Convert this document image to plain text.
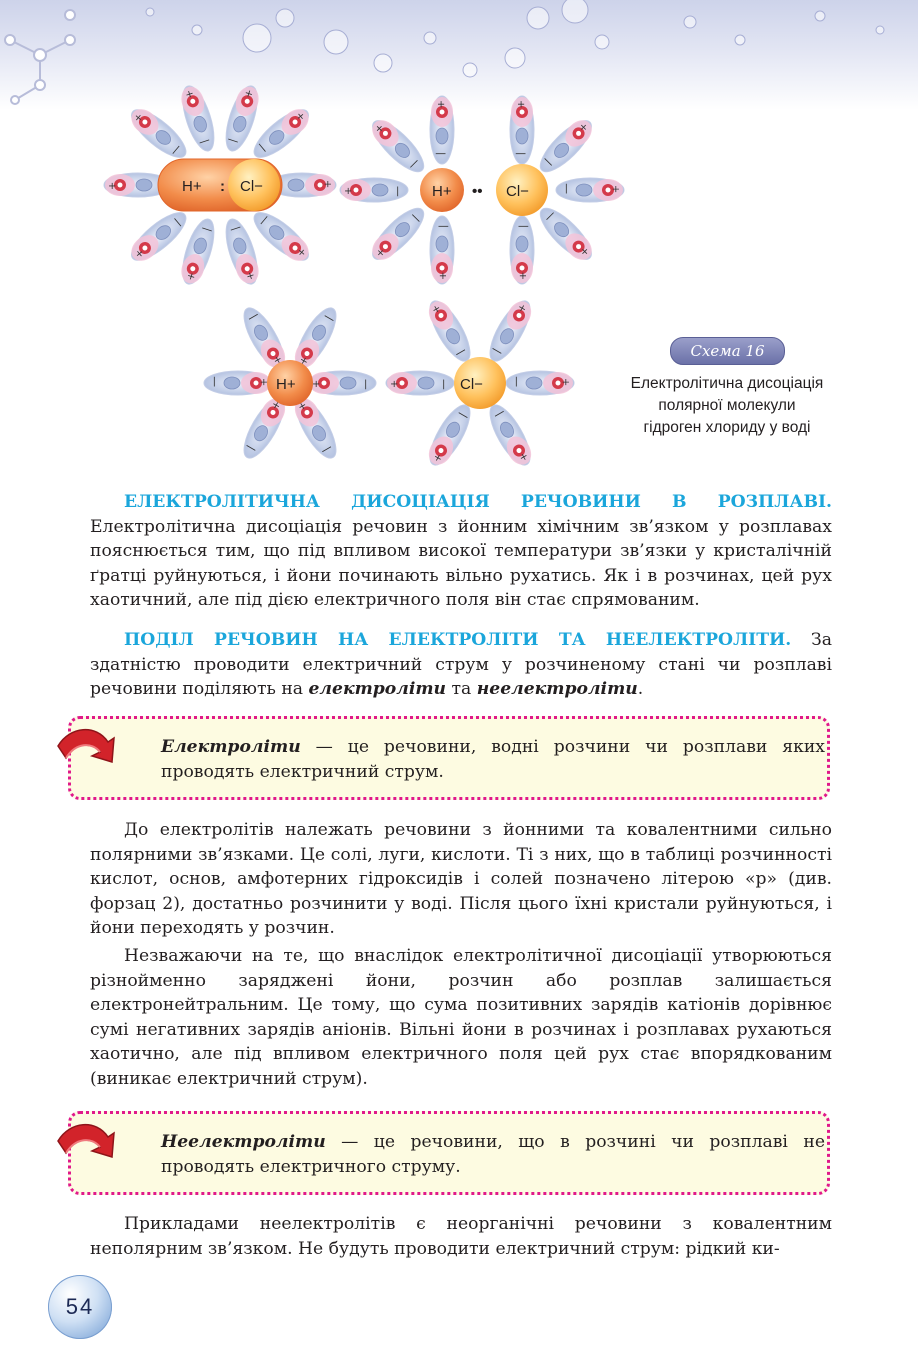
+	|
H+ : Cl−	H+ •• Cl−
H+	Cl−
Схема 16
Електролітична дисоціація полярної молекули гідроген хлориду у воді

ЕЛЕКТРОЛІТИЧНА ДИСОЦІАЦІЯ РЕЧОВИНИ В РОЗПЛАВІ. Електролітична дисоціація речовин з йонним хімічним зв’язком у розплавах пояснюється тим, що під впливом високої температури зв’язки у кристалічній ґратці руйнуються, і йони починають вільно рухатись. Як і в розчинах, цей рух хаотичний, але під дією електричного поля він стає спрямованим.

ПОДІЛ РЕЧОВИН НА ЕЛЕКТРОЛІТИ ТА НЕЕЛЕКТРОЛІТИ. За здатністю проводити електричний струм у розчиненому стані чи розплаві речовини поділяють на електроліти та неелектроліти.

Електроліти — це речовини, водні розчини чи розплави яких проводять електричний струм.

До електролітів належать речовини з йонними та ковалентними сильно полярними зв’язками. Це солі, луги, кислоти. Ті з них, що в таблиці розчинності кислот, основ, амфотерних гідроксидів і солей позначено літерою «р» (див. форзац 2), достатньо розчинити у воді. Після цього їхні кристали руйнуються, і йони переходять у розчин.

Незважаючи на те, що внаслідок електролітичної дисоціації утворюються різнойменно заряджені йони, розчин або розплав залишається електронейтральним. Це тому, що сума позитивних зарядів катіонів дорівнює сумі негативних зарядів аніонів. Вільні йони в розчинах і розплавах рухаються хаотично, але під впливом електричного поля цей рух стає впорядкованим (виникає електричний струм).

Неелектроліти — це речовини, що в розчині чи розплаві не проводять електричного струму.

Прикладами неелектролітів є неорганічні речовини з ковалентним неполярним зв’язком. Не будуть проводити електричний струм: рідкий ки-

54
